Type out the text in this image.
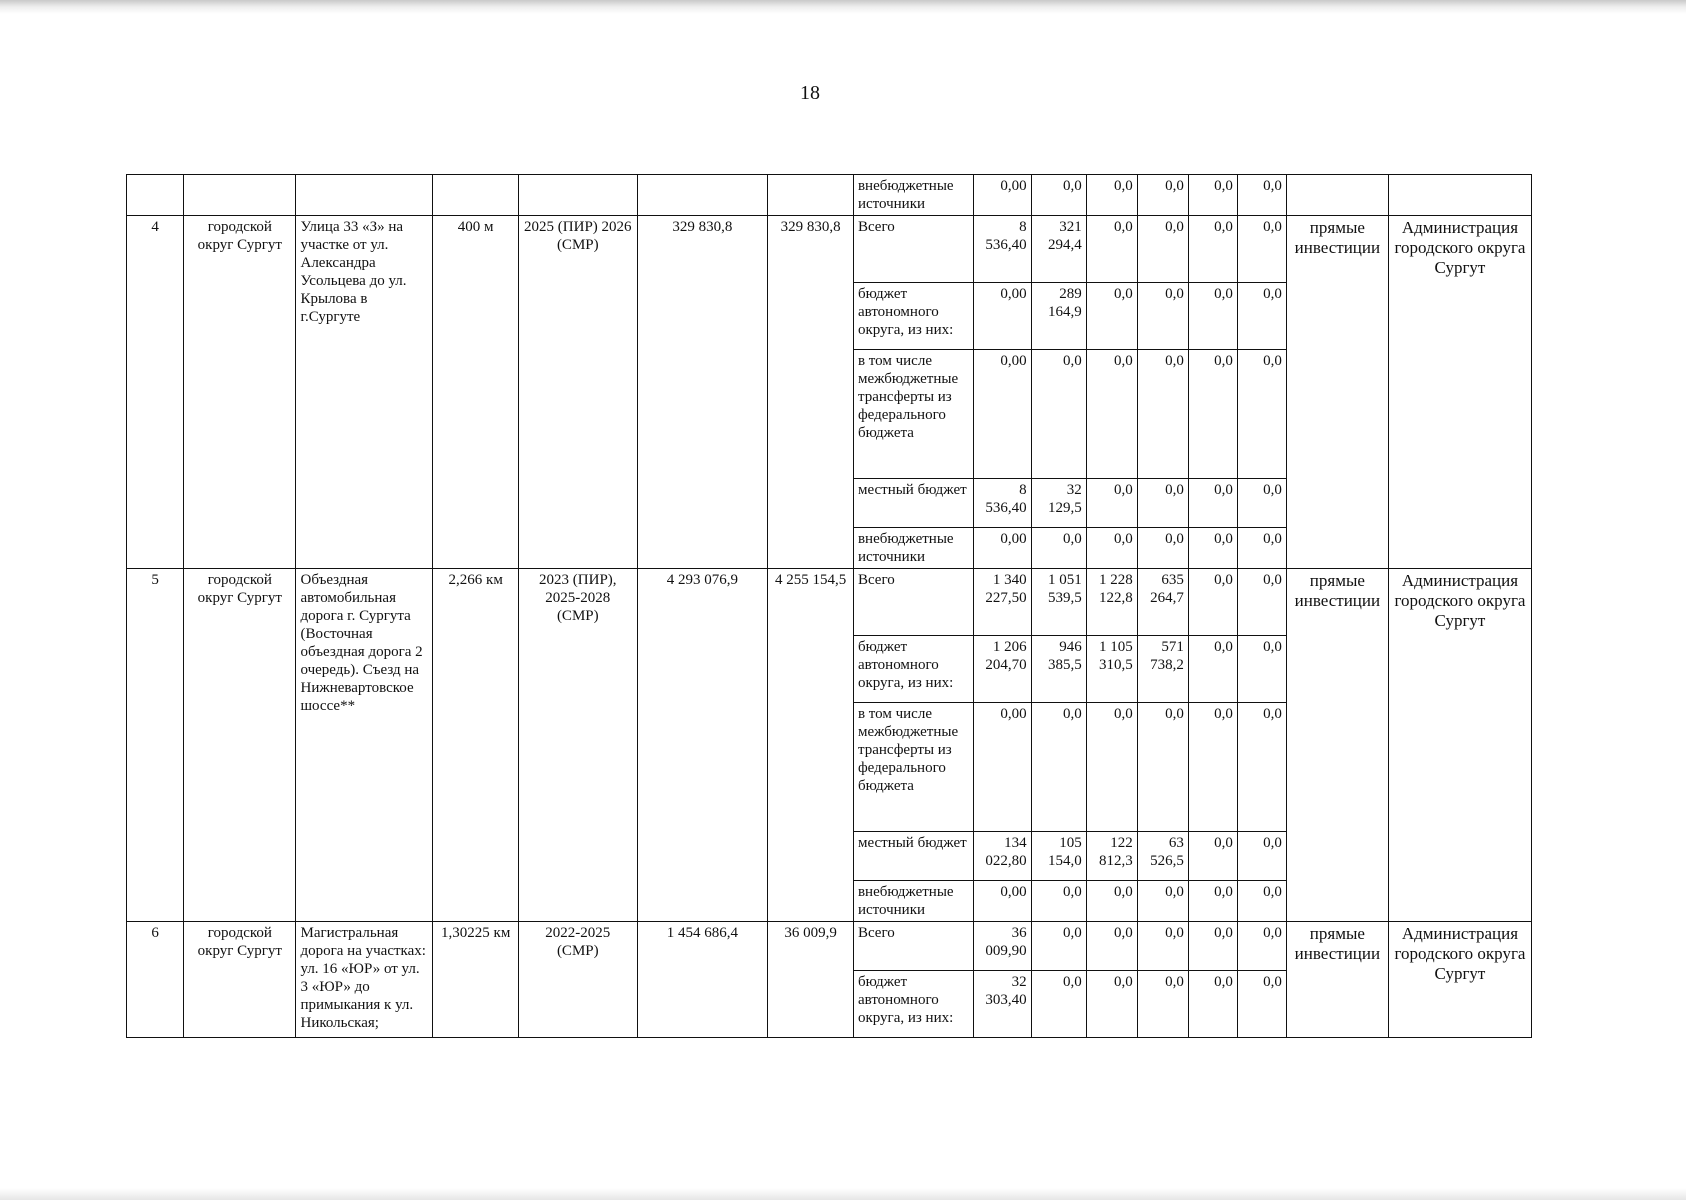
18
							внебюджетные источники	0,00	0,0	0,0	0,0	0,0	0,0		
4	городской округ Сургут	Улица 33 «З» на участке от ул. Александра Усольцева до ул. Крылова в г.Сургуте	400 м	2025 (ПИР) 2026 (СМР)	329 830,8	329 830,8	Всего	8 536,40	321 294,4	0,0	0,0	0,0	0,0	прямые инвестиции	Администрация городского округа Сургут
							бюджет автономного округа, из них:	0,00	289 164,9	0,0	0,0	0,0	0,0		
							в том числе межбюджетные трансферты из федерального бюджета	0,00	0,0	0,0	0,0	0,0	0,0		
							местный бюджет	8 536,40	32 129,5	0,0	0,0	0,0	0,0		
							внебюджетные источники	0,00	0,0	0,0	0,0	0,0	0,0		
5	городской округ Сургут	Объездная автомобильная дорога г. Сургута (Восточная объездная дорога 2 очередь). Съезд на Нижневартовское шоссе**	2,266 км	2023 (ПИР), 2025-2028 (СМР)	4 293 076,9	4 255 154,5	Всего	1 340 227,50	1 051 539,5	1 228 122,8	635 264,7	0,0	0,0	прямые инвестиции	Администрация городского округа Сургут
							бюджет автономного округа, из них:	1 206 204,70	946 385,5	1 105 310,5	571 738,2	0,0	0,0		
							в том числе межбюджетные трансферты из федерального бюджета	0,00	0,0	0,0	0,0	0,0	0,0		
							местный бюджет	134 022,80	105 154,0	122 812,3	63 526,5	0,0	0,0		
							внебюджетные источники	0,00	0,0	0,0	0,0	0,0	0,0		
6	городской округ Сургут	Магистральная дорога на участках: ул. 16 «ЮР» от ул. 3 «ЮР» до примыкания к ул. Никольская;	1,30225 км	2022-2025 (СМР)	1 454 686,4	36 009,9	Всего	36 009,90	0,0	0,0	0,0	0,0	0,0	прямые инвестиции	Администрация городского округа Сургут
							бюджет автономного округа, из них:	32 303,40	0,0	0,0	0,0	0,0	0,0		
